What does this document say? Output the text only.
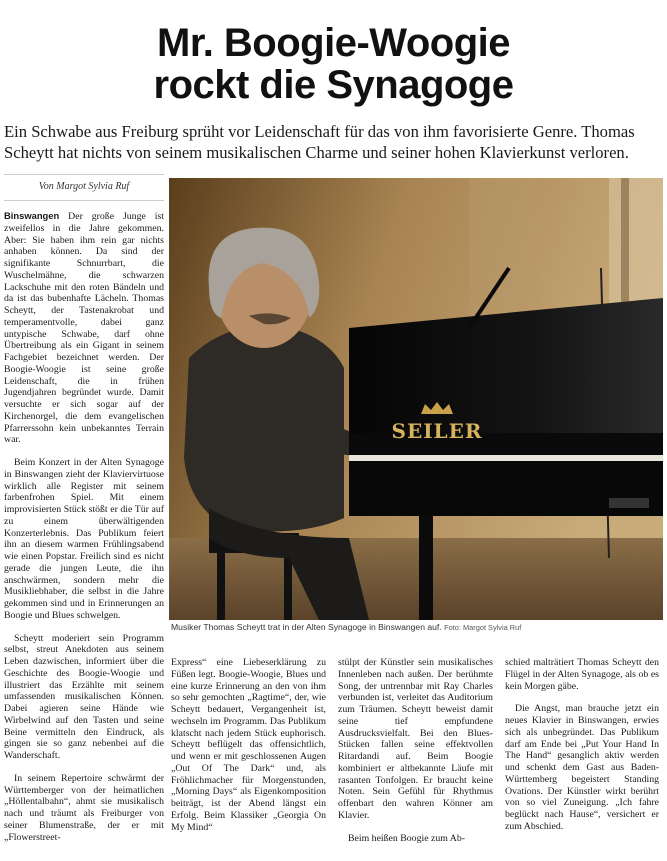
Mr. Boogie-Woogie
rockt die Synagoge
Ein Schwabe aus Freiburg sprüht vor Leidenschaft für das von ihm favorisierte Genre. Thomas Scheytt hat nichts von seinem musikalischen Charme und seiner hohen Klavierkunst verloren.
Von Margot Sylvia Ruf

Binswangen Der große Junge ist zweifellos in die Jahre gekommen. Aber: Sie haben ihm rein gar nichts anhaben können. Da sind der signifikante Schnurrbart, die Wuschelmähne, die schwarzen Lackschuhe mit den roten Bändeln und da ist das bubenhafte Lächeln. Thomas Scheytt, der Tastenakrobat und temperamentvolle, dabei ganz untypische Schwabe, darf ohne Übertreibung als ein Gigant in seinem Fachgebiet bezeichnet werden. Der Boogie-Woogie ist seine große Leidenschaft, die in frühen Jugendjahren begründet wurde. Damit versuchte er sich sogar auf der Kirchenorgel, die dem evangelischen Pfarrerssohn kein unbekanntes Terrain war.

Beim Konzert in der Alten Synagoge in Binswangen zieht der Klaviervirtuose wirklich alle Register mit seinem farbenfrohen Spiel. Mit einem improvisierten Stück stößt er die Tür auf zu einem überwältigenden Konzerterlebnis. Das Publikum feiert ihn an diesem warmen Frühlingsabend wie einen Popstar. Freilich sind es nicht gerade die jungen Leute, die ihn anschwärmen, sondern mehr die Musikliebhaber, die selbst in die Jahre gekommen sind und in Erinnerungen an Boogie und Blues schwelgen.

Scheytt moderiert sein Programm selbst, streut Anekdoten aus seinem Leben dazwischen, informiert über die Geschichte des Boogie-Woogie und illustriert das Erzählte mit seinem umfassenden musikalischen Können. Dabei agieren seine Hände wie Wirbelwind auf den Tasten und seine Beine vermitteln den Eindruck, als gingen sie so ganz nebenbei auf die Wanderschaft.

In seinem Repertoire schwärmt der Württemberger von der heimatlichen „Höllentalbahn“, ahmt sie musikalisch nach und träumt als Freiburger von seiner Blumenstraße, der er mit „Flowerstreet-

SEILER
Musiker Thomas Scheytt trat in der Alten Synagoge in Binswangen auf. Foto: Margot Sylvia Ruf

Express“ eine Liebeserklärung zu Füßen legt. Boogie-Woogie, Blues und eine kurze Erinnerung an den von ihm so sehr gemochten „Ragtime“, der, wie Scheytt bedauert, Vergangenheit ist, wechseln im Programm. Das Publikum klatscht nach jedem Stück euphorisch. Scheytt beflügelt das offensichtlich, und wenn er mit geschlossenen Augen „Out Of The Dark“ und, als Fröhlichmacher für Morgenstunden, „Morning Days“ als Eigenkomposition beiträgt, ist der Abend längst ein Erfolg. Beim Klassiker „Georgia On My Mind“

stülpt der Künstler sein musikalisches Innenleben nach außen. Der berühmte Song, der untrennbar mit Ray Charles verbunden ist, verleitet das Auditorium zum Träumen. Scheytt beweist damit seine tief empfundene Ausdrucksvielfalt. Bei den Blues-Stücken fallen seine effektvollen Ritardandi auf. Beim Boogie kombiniert er altbekannte Läufe mit rasanten Tonfolgen. Er braucht keine Noten. Sein Gefühl für Rhythmus offenbart den wahren Könner am Klavier.

Beim heißen Boogie zum Ab-

schied malträtiert Thomas Scheytt den Flügel in der Alten Synagoge, als ob es kein Morgen gäbe.

Die Angst, man brauche jetzt ein neues Klavier in Binswangen, erwies sich als unbegründet. Das Publikum darf am Ende bei „Put Your Hand In The Hand“ gesanglich aktiv werden und schenkt dem Gast aus Baden-Württemberg begeistert Standing Ovations. Der Künstler wirkt berührt von so viel Zuneigung. „Ich fahre beglückt nach Hause“, versichert er zum Abschied.
